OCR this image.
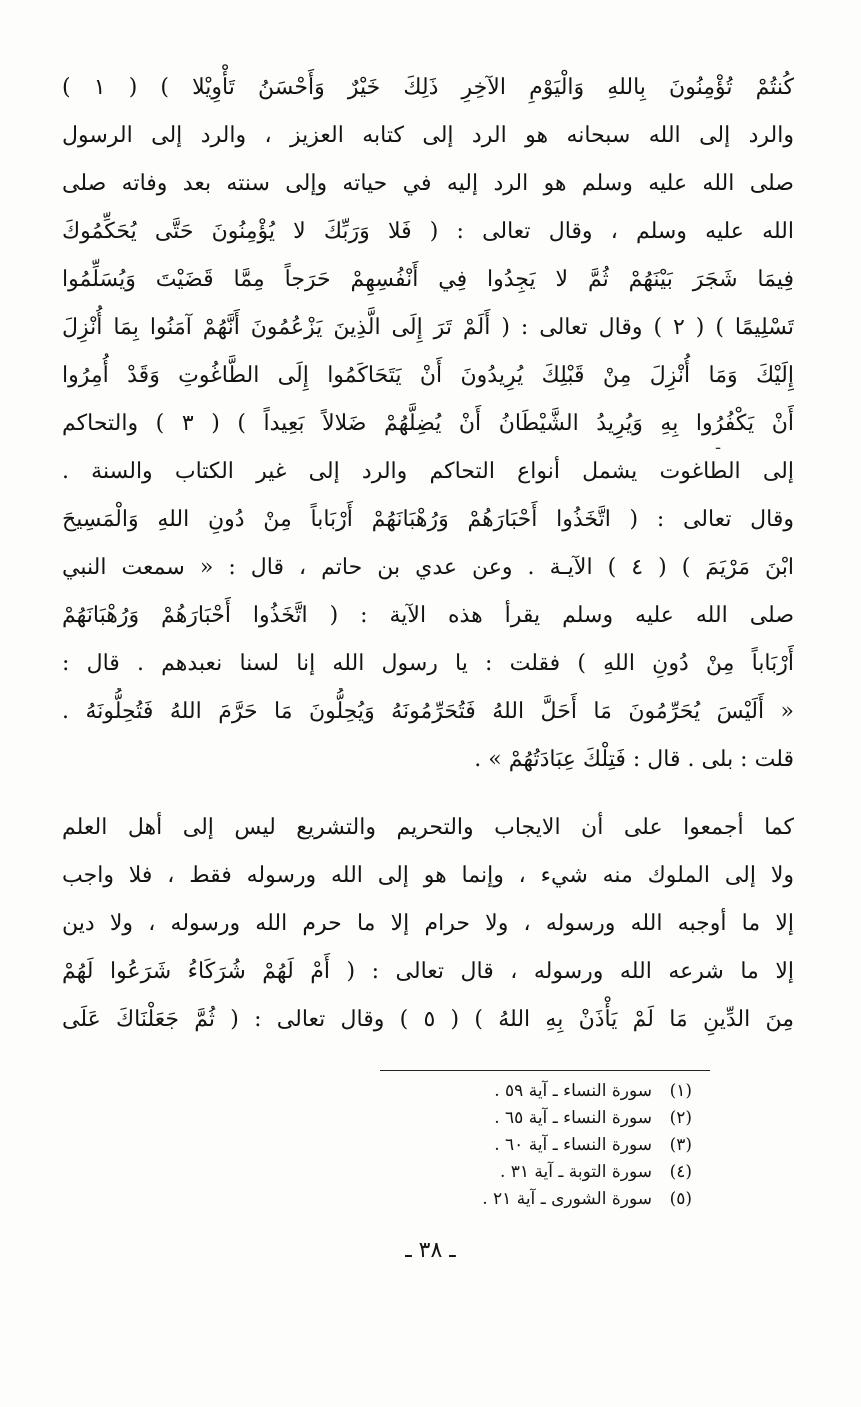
كُنتُمْ تُؤْمِنُونَ بِاللهِ وَالْيَوْمِ الآخِرِ ذَلِكَ خَيْرٌ وَأَحْسَنُ تَأْوِيْلا ) ( ١ )
والرد إلى الله سبحانه هو الرد إلى كتابه العزيز ، والرد إلى الرسول
صلى الله عليه وسلم هو الرد إليه في حياته وإلى سنته بعد وفاته صلى
الله عليه وسلم ، وقال تعالى : ( فَلا وَرَبِّكَ لا يُؤْمِنُونَ حَتَّى يُحَكِّمُوكَ
فِيمَا شَجَرَ بَيْنَهُمْ ثُمَّ لا يَجِدُوا فِي أَنْفُسِهِمْ حَرَجاً مِمَّا قَضَيْتَ وَيُسَلِّمُوا
تَسْلِيمًا ) ( ٢ ) وقال تعالى : ( أَلَمْ تَرَ إِلَى الَّذِينَ يَزْعُمُونَ أَنَّهُمْ آمَنُوا بِمَا أُنْزِلَ
إِلَيْكَ وَمَا أُنْزِلَ مِنْ قَبْلِكَ يُرِيدُونَ أَنْ يَتَحَاكَمُوا إِلَى الطَّاغُوتِ وَقَدْ أُمِرُوا
أَنْ يَكْفُرُوا بِهِ وَيُرِيدُ الشَّيْطَانُ أَنْ يُضِلَّهُمْ ضَلالاً بَعِيداً ) ( ٣ ) والتحاكم
إلى الطاغوت يشمل أنواع التحاكم والرد إلى غير الكتاب والسنة .
وقال تعالى : ( اتَّخَذُوا أَحْبَارَهُمْ وَرُهْبَانَهُمْ أَرْبَاباً مِنْ دُونِ اللهِ وَالْمَسِيحَ
ابْنَ مَرْيَمَ ) ( ٤ ) الآيـة . وعن عدي بن حاتم ، قال : « سمعت النبي
صلى الله عليه وسلم يقرأ هذه الآية : ( اتَّخَذُوا أَحْبَارَهُمْ وَرُهْبَانَهُمْ
أَرْبَاباً مِنْ دُونِ اللهِ ) فقلت : يا رسول الله إنا لسنا نعبدهم . قال :
« أَلَيْسَ يُحَرِّمُونَ مَا أَحَلَّ اللهُ فَتُحَرِّمُونَهُ وَيُحِلُّونَ مَا حَرَّمَ اللهُ فَتُحِلُّونَهُ .
قلت : بلى . قال : فَتِلْكَ عِبَادَتُهُمْ » .
كما أجمعوا على أن الايجاب والتحريم والتشريع ليس إلى أهل العلم
ولا إلى الملوك منه شيء ، وإنما هو إلى الله ورسوله فقط ، فلا واجب
إلا ما أوجبه الله ورسوله ، ولا حرام إلا ما حرم الله ورسوله ، ولا دين
إلا ما شرعه الله ورسوله ، قال تعالى : ( أَمْ لَهُمْ شُرَكَاءُ شَرَعُوا لَهُمْ
مِنَ الدِّينِ مَا لَمْ يَأْذَنْ بِهِ اللهُ ) ( ٥ ) وقال تعالى : ( ثُمَّ جَعَلْنَاكَ عَلَى
-
(١)
سورة النساء ـ آية ٥٩ .
(٢)
سورة النساء ـ آية ٦٥ .
(٣)
سورة النساء ـ آية ٦٠ .
(٤)
سورة التوبة ـ آية ٣١ .
(٥)
سورة الشورى ـ آية ٢١ .
ـ ٣٨ ـ
